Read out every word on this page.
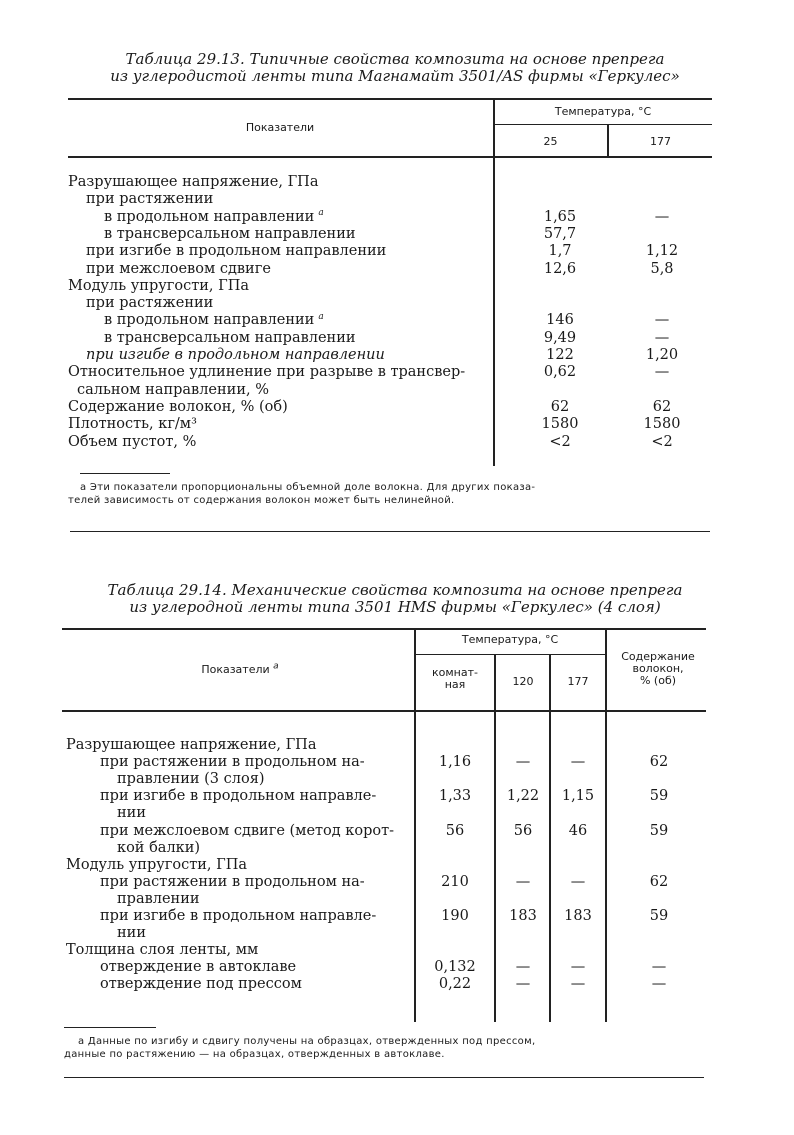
Таблица 29.13. Типичные свойства композита на основе препрега
из углеродистой ленты типа Магнамайт 3501/AS фирмы «Геркулес»
Показатели
Температура, °C
25	177
Разрушающее напряжение, ГПа
при растяжении
в продольном направлении $^a$	1,65	—
в трансверсальном направлении	57,7
при изгибе в продольном направлении	1,7	1,12
при межслоевом сдвиге	12,6	5,8
Модуль упругости, ГПа
при растяжении
в продольном направлении $^a$	146	—
в трансверсальном направлении	9,49	—
при изгибе в продольном направлении	122	1,20
Относительное удлинение при разрыве в трансвер-	0,62	—
сальном направлении, %
Содержание волокон, % (об)	62	62
Плотность, кг/м³	1580	1580
Объем пустот, %	<2	<2
a Эти показатели пропорциональны объемной доле волокна. Для других показа-
телей зависимость от содержания волокон может быть нелинейной.
Таблица 29.14. Механические свойства композита на основе препрега
из углеродной ленты типа 3501 HMS фирмы «Геркулес» (4 слоя)
Показатели $^a$
Температура, °C
комнат-
ная	120	177
Содержание
волокон,
% (об)
Разрушающее напряжение, ГПа
при растяжении в продольном на-	1,16	—	—	62
правлении (3 слоя)
при изгибе в продольном направле-	1,33	1,22	1,15	59
нии
при межслоевом сдвиге (метод корот-	56	56	46	59
кой балки)
Модуль упругости, ГПа
при растяжении в продольном на-	210	—	—	62
правлении
при изгибе в продольном направле-	190	183	183	59
нии
Толщина слоя ленты, мм
отверждение в автоклаве	0,132	—	—	—
отверждение под прессом	0,22	—	—	—
a Данные по изгибу и сдвигу получены на образцах, отвержденных под прессом,
данные по растяжению — на образцах, отвержденных в автоклаве.
